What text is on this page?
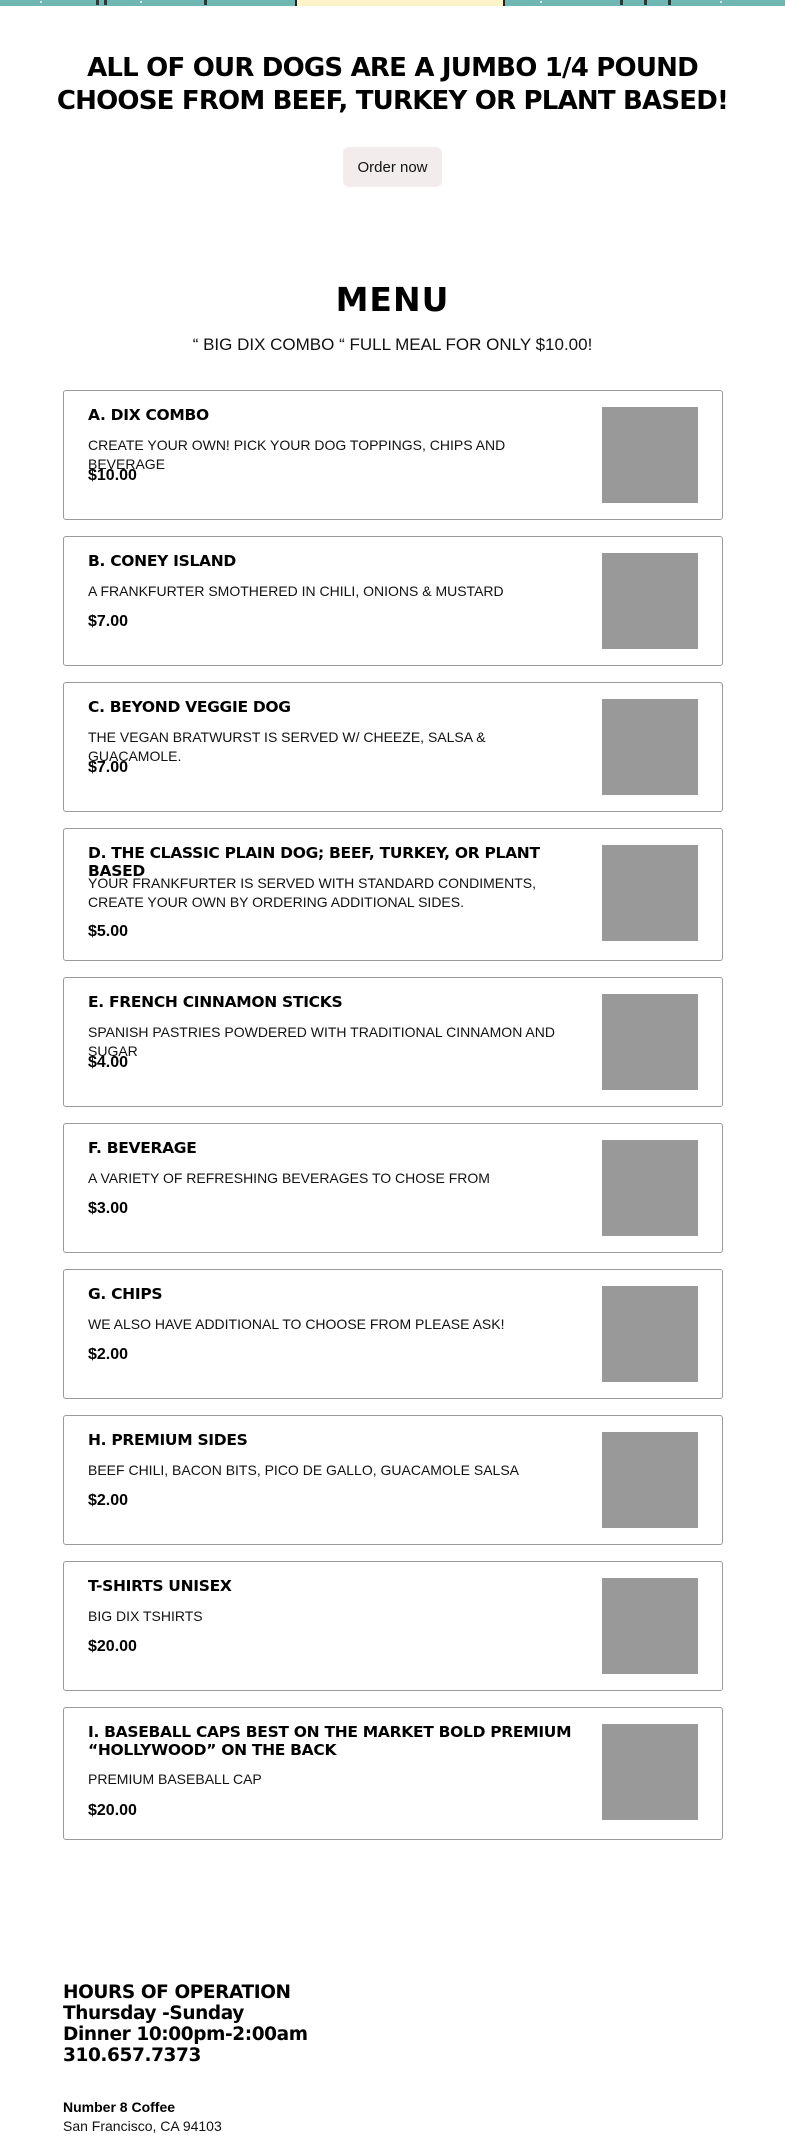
ALL OF OUR DOGS ARE A JUMBO 1/4 POUND
CHOOSE FROM BEEF, TURKEY OR PLANT BASED!
Order now
MENU

“ BIG DIX COMBO “ FULL MEAL FOR ONLY $10.00!

A. DIX COMBO
CREATE YOUR OWN! PICK YOUR DOG TOPPINGS, CHIPS AND BEVERAGE
$10.00
B. CONEY ISLAND
A FRANKFURTER SMOTHERED IN CHILI, ONIONS & MUSTARD
$7.00
C. BEYOND VEGGIE DOG
THE VEGAN BRATWURST IS SERVED W/ CHEEZE, SALSA & GUACAMOLE.
$7.00
D. THE CLASSIC PLAIN DOG; BEEF, TURKEY, OR PLANT BASED
YOUR FRANKFURTER IS SERVED WITH STANDARD CONDIMENTS, CREATE YOUR OWN BY ORDERING ADDITIONAL SIDES.
$5.00
E. FRENCH CINNAMON STICKS
SPANISH PASTRIES POWDERED WITH TRADITIONAL CINNAMON AND SUGAR
$4.00
F. BEVERAGE
A VARIETY OF REFRESHING BEVERAGES TO CHOSE FROM
$3.00
G. CHIPS
WE ALSO HAVE ADDITIONAL TO CHOOSE FROM PLEASE ASK!
$2.00
H. PREMIUM SIDES
BEEF CHILI, BACON BITS, PICO DE GALLO, GUACAMOLE SALSA
$2.00
T-SHIRTS UNISEX
BIG DIX TSHIRTS
$20.00
I. BASEBALL CAPS BEST ON THE MARKET BOLD PREMIUM “HOLLYWOOD” ON THE BACK
PREMIUM BASEBALL CAP
$20.00
HOURS OF OPERATION
Thursday -Sunday
Dinner 10:00pm-2:00am
310.657.7373
Number 8 Coffee
San Francisco, CA 94103
